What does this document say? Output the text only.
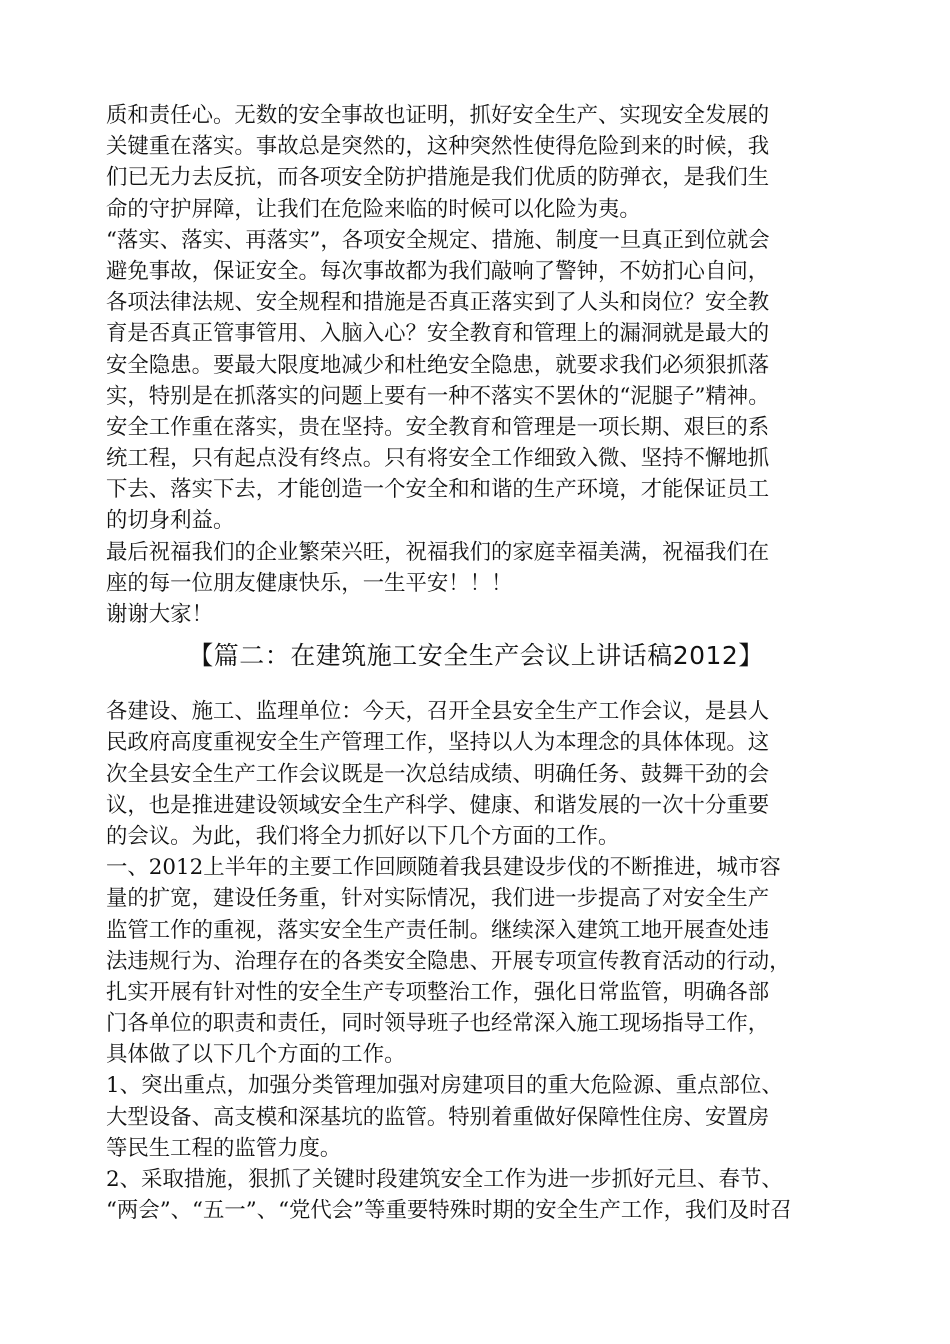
质和责任心。无数的安全事故也证明，抓好安全生产、实现安全发展的
关键重在落实。事故总是突然的，这种突然性使得危险到来的时候，我
们已无力去反抗，而各项安全防护措施是我们优质的防弹衣，是我们生
命的守护屏障，让我们在危险来临的时候可以化险为夷。
“落实、落实、再落实”，各项安全规定、措施、制度一旦真正到位就会
避免事故，保证安全。每次事故都为我们敲响了警钟，不妨扪心自问，
各项法律法规、安全规程和措施是否真正落实到了人头和岗位？安全教
育是否真正管事管用、入脑入心？安全教育和管理上的漏洞就是最大的
安全隐患。要最大限度地减少和杜绝安全隐患，就要求我们必须狠抓落
实，特别是在抓落实的问题上要有一种不落实不罢休的“泥腿子”精神。
安全工作重在落实，贵在坚持。安全教育和管理是一项长期、艰巨的系
统工程，只有起点没有终点。只有将安全工作细致入微、坚持不懈地抓
下去、落实下去，才能创造一个安全和和谐的生产环境，才能保证员工
的切身利益。
最后祝福我们的企业繁荣兴旺，祝福我们的家庭幸福美满，祝福我们在
座的每一位朋友健康快乐，一生平安！！！
谢谢大家！
【篇二：在建筑施工安全生产会议上讲话稿2012】
各建设、施工、监理单位：今天，召开全县安全生产工作会议，是县人
民政府高度重视安全生产管理工作，坚持以人为本理念的具体体现。这
次全县安全生产工作会议既是一次总结成绩、明确任务、鼓舞干劲的会
议，也是推进建设领域安全生产科学、健康、和谐发展的一次十分重要
的会议。为此，我们将全力抓好以下几个方面的工作。
一、2012上半年的主要工作回顾随着我县建设步伐的不断推进，城市容
量的扩宽，建设任务重，针对实际情况，我们进一步提高了对安全生产
监管工作的重视，落实安全生产责任制。继续深入建筑工地开展查处违
法违规行为、治理存在的各类安全隐患、开展专项宣传教育活动的行动，
扎实开展有针对性的安全生产专项整治工作，强化日常监管，明确各部
门各单位的职责和责任，同时领导班子也经常深入施工现场指导工作，
具体做了以下几个方面的工作。
1、突出重点，加强分类管理加强对房建项目的重大危险源、重点部位、
大型设备、高支模和深基坑的监管。特别着重做好保障性住房、安置房
等民生工程的监管力度。
2、采取措施，狠抓了关键时段建筑安全工作为进一步抓好元旦、春节、
“两会”、“五一”、“党代会”等重要特殊时期的安全生产工作，我们及时召
